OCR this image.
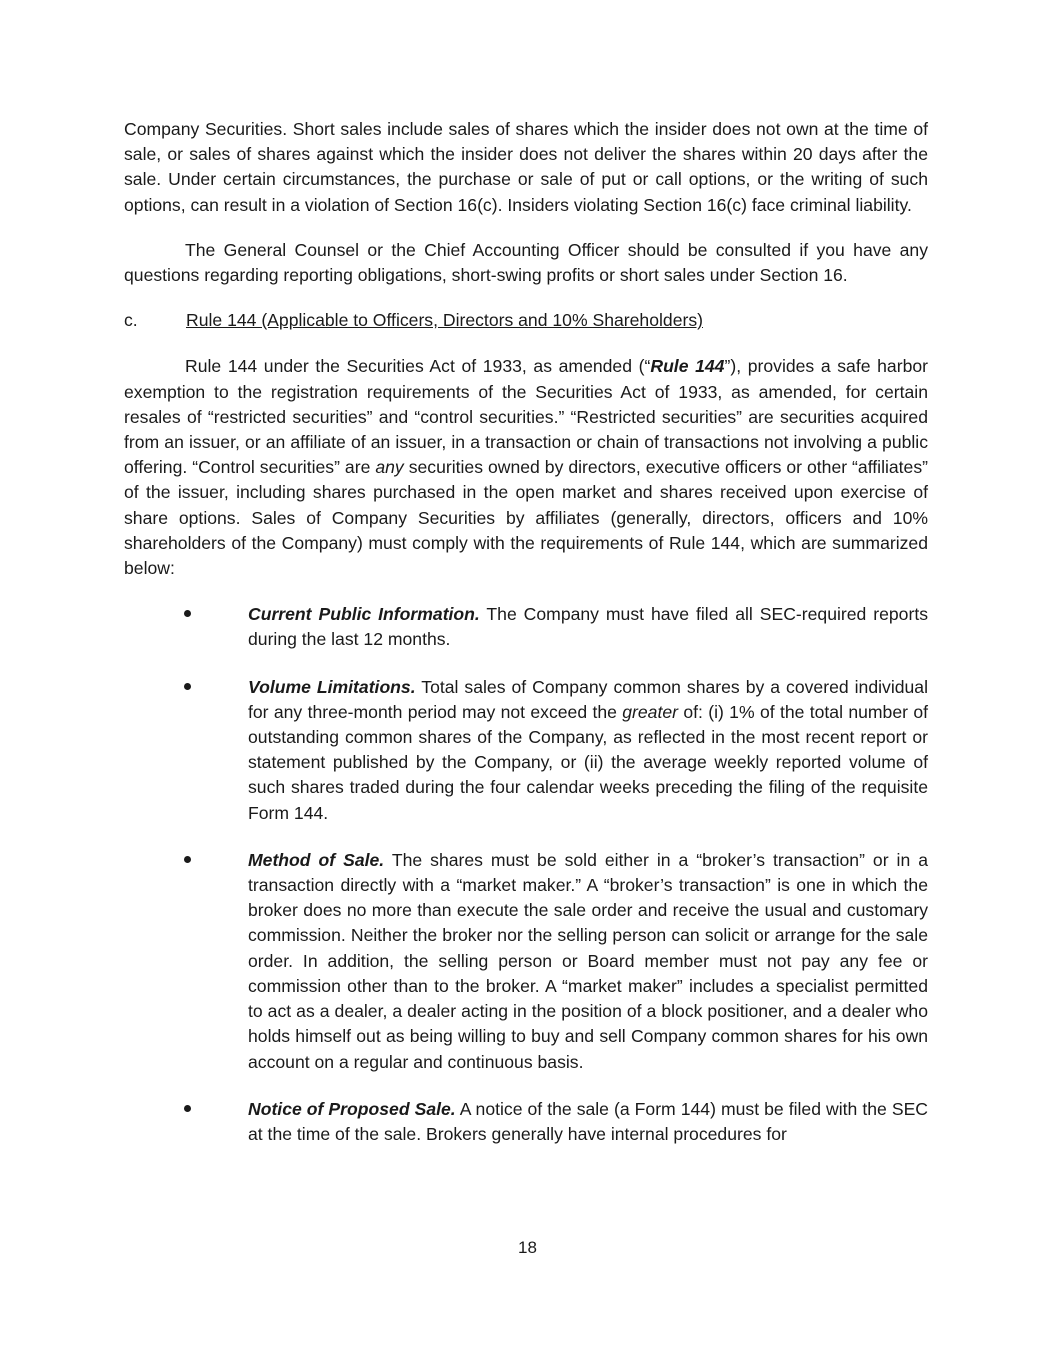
Company Securities. Short sales include sales of shares which the insider does not own at the time of sale, or sales of shares against which the insider does not deliver the shares within 20 days after the sale. Under certain circumstances, the purchase or sale of put or call options, or the writing of such options, can result in a violation of Section 16(c). Insiders violating Section 16(c) face criminal liability.

The General Counsel or the Chief Accounting Officer should be consulted if you have any questions regarding reporting obligations, short-swing profits or short sales under Section 16.

c.	Rule 144 (Applicable to Officers, Directors and 10% Shareholders)

Rule 144 under the Securities Act of 1933, as amended (“Rule 144”), provides a safe harbor exemption to the registration requirements of the Securities Act of 1933, as amended, for certain resales of “restricted securities” and “control securities.” “Restricted securities” are securities acquired from an issuer, or an affiliate of an issuer, in a transaction or chain of transactions not involving a public offering. “Control securities” are any securities owned by directors, executive officers or other “affiliates” of the issuer, including shares purchased in the open market and shares received upon exercise of share options. Sales of Company Securities by affiliates (generally, directors, officers and 10% shareholders of the Company) must comply with the requirements of Rule 144, which are summarized below:

Current Public Information. The Company must have filed all SEC-required reports during the last 12 months.
Volume Limitations. Total sales of Company common shares by a covered individual for any three-month period may not exceed the greater of: (i) 1% of the total number of outstanding common shares of the Company, as reflected in the most recent report or statement published by the Company, or (ii) the average weekly reported volume of such shares traded during the four calendar weeks preceding the filing of the requisite Form 144.
Method of Sale. The shares must be sold either in a “broker’s transaction” or in a transaction directly with a “market maker.” A “broker’s transaction” is one in which the broker does no more than execute the sale order and receive the usual and customary commission. Neither the broker nor the selling person can solicit or arrange for the sale order. In addition, the selling person or Board member must not pay any fee or commission other than to the broker. A “market maker” includes a specialist permitted to act as a dealer, a dealer acting in the position of a block positioner, and a dealer who holds himself out as being willing to buy and sell Company common shares for his own account on a regular and continuous basis.
Notice of Proposed Sale. A notice of the sale (a Form 144) must be filed with the SEC at the time of the sale. Brokers generally have internal procedures for
18
